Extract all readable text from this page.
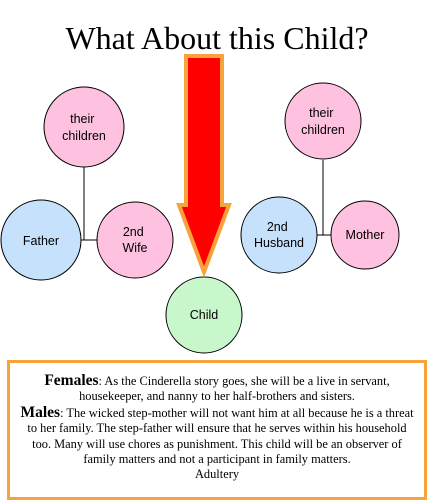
What About this Child?
their children
Father
2nd Wife
their children
2nd Husband
Mother
Child

Females: As the Cinderella story goes, she will be a live in servant, housekeeper, and nanny to her half-brothers and sisters.

Males: The wicked step-mother will not want him at all because he is a threat to her family. The step-father will ensure that he serves within his household too. Many will use chores as punishment. This child will be an observer of family matters and not a participant in family matters.

Adultery
